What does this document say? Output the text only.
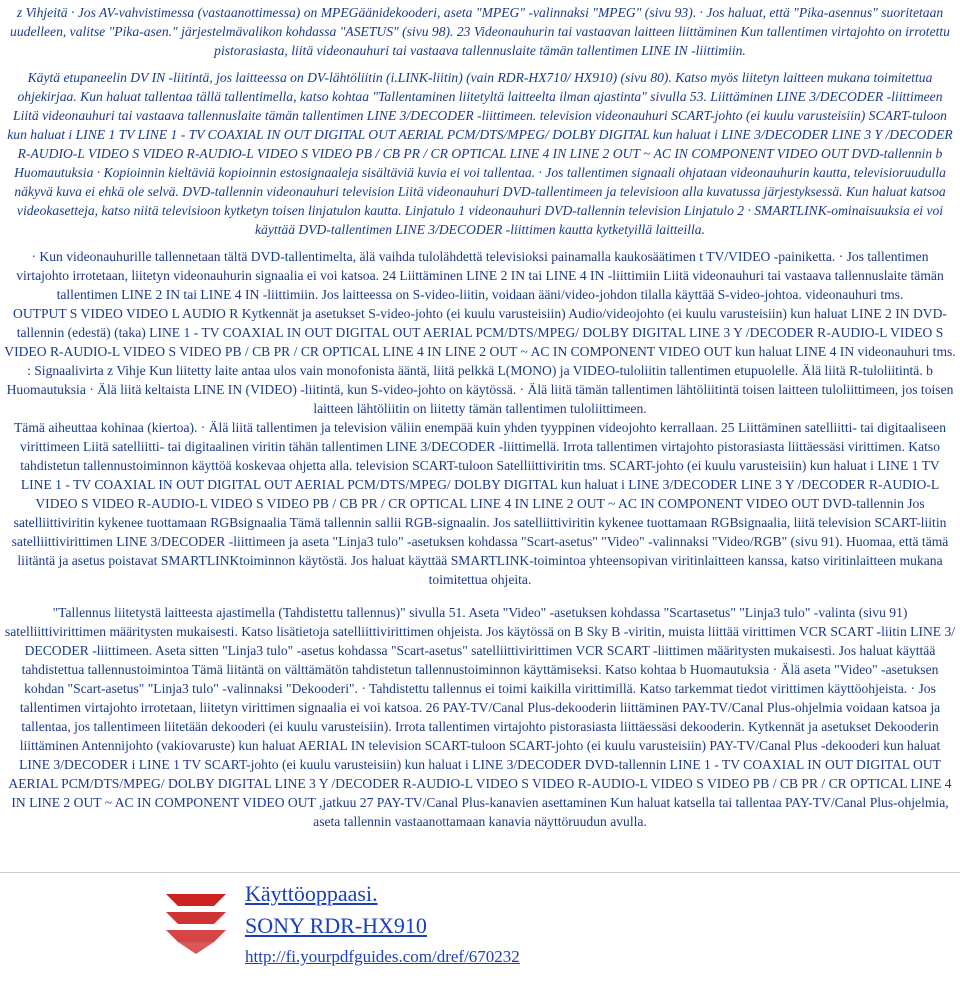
z Vihjeitä · Jos AV-vahvistimessa (vastaanottimessa) on MPEGäänidekooderi, aseta "MPEG" -valinnaksi "MPEG" (sivu 93). · Jos haluat, että "Pika-asennus" suoritetaan uudelleen, valitse "Pika-asen." järjestelmävalikon kohdassa "ASETUS" (sivu 98). 23 Videonauhurin tai vastaavan laitteen liittäminen Kun tallentimen virtajohto on irrotettu pistorasiasta, liitä videonauhuri tai vastaava tallennuslaite tämän tallentimen LINE IN -liittimiin.

Käytä etupaneelin DV IN -liitintä, jos laitteessa on DV-lähtöliitin (i.LINK-liitin) (vain RDR-HX710/ HX910) (sivu 80). Katso myös liitetyn laitteen mukana toimitettua ohjekirjaa. Kun haluat tallentaa tällä tallentimella, katso kohtaa "Tallentaminen liitetyltä laitteelta ilman ajastinta" sivulla 53. Liittäminen LINE 3/DECODER -liittimeen Liitä videonauhuri tai vastaava tallennuslaite tämän tallentimen LINE 3/DECODER -liittimeen. television videonauhuri SCART-johto (ei kuulu varusteisiin) SCART-tuloon kun haluat i LINE 1 TV LINE 1 - TV COAXIAL IN OUT DIGITAL OUT AERIAL PCM/DTS/MPEG/ DOLBY DIGITAL kun haluat i LINE 3/DECODER LINE 3 Y /DECODER R-AUDIO-L VIDEO S VIDEO R-AUDIO-L VIDEO S VIDEO PB / CB PR / CR OPTICAL LINE 4 IN LINE 2 OUT ~ AC IN COMPONENT VIDEO OUT DVD-tallennin b Huomautuksia · Kopioinnin kieltäviä kopioinnin estosignaaleja sisältäviä kuvia ei voi tallentaa. · Jos tallentimen signaali ohjataan videonauhurin kautta, televisioruudulla näkyvä kuva ei ehkä ole selvä. DVD-tallennin videonauhuri television Liitä videonauhuri DVD-tallentimeen ja televisioon alla kuvatussa järjestyksessä. Kun haluat katsoa videokasetteja, katso niitä televisioon kytketyn toisen linjatulon kautta. Linjatulo 1 videonauhuri DVD-tallennin television Linjatulo 2 · SMARTLINK-ominaisuuksia ei voi käyttää DVD-tallentimen LINE 3/DECODER -liittimen kautta kytketyillä laitteilla.

· Kun videonauhurille tallennetaan tältä DVD-tallentimelta, älä vaihda tulolähdettä televisioksi painamalla kaukosäätimen t TV/VIDEO -painiketta. · Jos tallentimen virtajohto irrotetaan, liitetyn videonauhurin signaalia ei voi katsoa. 24 Liittäminen LINE 2 IN tai LINE 4 IN -liittimiin Liitä videonauhuri tai vastaava tallennuslaite tämän tallentimen LINE 2 IN tai LINE 4 IN -liittimiin. Jos laitteessa on S-video-liitin, voidaan ääni/video-johdon tilalla käyttää S-video-johtoa. videonauhuri tms.

OUTPUT S VIDEO VIDEO L AUDIO R Kytkennät ja asetukset S-video-johto (ei kuulu varusteisiin) Audio/videojohto (ei kuulu varusteisiin) kun haluat LINE 2 IN DVD-tallennin (edestä) (taka) LINE 1 - TV COAXIAL IN OUT DIGITAL OUT AERIAL PCM/DTS/MPEG/ DOLBY DIGITAL LINE 3 Y /DECODER R-AUDIO-L VIDEO S VIDEO R-AUDIO-L VIDEO S VIDEO PB / CB PR / CR OPTICAL LINE 4 IN LINE 2 OUT ~ AC IN COMPONENT VIDEO OUT kun haluat LINE 4 IN videonauhuri tms. : Signaalivirta z Vihje Kun liitetty laite antaa ulos vain monofonista ääntä, liitä pelkkä L(MONO) ja VIDEO-tuloliitin tallentimen etupuolelle. Älä liitä R-tuloliitintä. b Huomautuksia · Älä liitä keltaista LINE IN (VIDEO) -liitintä, kun S-video-johto on käytössä. · Älä liitä tämän tallentimen lähtöliitintä toisen laitteen tuloliittimeen, jos toisen laitteen lähtöliitin on liitetty tämän tallentimen tuloliittimeen.

Tämä aiheuttaa kohinaa (kiertoa). · Älä liitä tallentimen ja television väliin enempää kuin yhden tyyppinen videojohto kerrallaan. 25 Liittäminen satelliitti- tai digitaaliseen virittimeen Liitä satelliitti- tai digitaalinen viritin tähän tallentimen LINE 3/DECODER -liittimellä. Irrota tallentimen virtajohto pistorasiasta liittäessäsi virittimen. Katso tahdistetun tallennustoiminnon käyttöä koskevaa ohjetta alla. television SCART-tuloon Satelliittiviritin tms. SCART-johto (ei kuulu varusteisiin) kun haluat i LINE 1 TV LINE 1 - TV COAXIAL IN OUT DIGITAL OUT AERIAL PCM/DTS/MPEG/ DOLBY DIGITAL kun haluat i LINE 3/DECODER LINE 3 Y /DECODER R-AUDIO-L VIDEO S VIDEO R-AUDIO-L VIDEO S VIDEO PB / CB PR / CR OPTICAL LINE 4 IN LINE 2 OUT ~ AC IN COMPONENT VIDEO OUT DVD-tallennin Jos satelliittiviritin kykenee tuottamaan RGBsignaalia Tämä tallennin sallii RGB-signaalin. Jos satelliittiviritin kykenee tuottamaan RGBsignaalia, liitä television SCART-liitin satelliittivirittimen LINE 3/DECODER -liittimeen ja aseta "Linja3 tulo" -asetuksen kohdassa "Scart-asetus" "Video" -valinnaksi "Video/RGB" (sivu 91). Huomaa, että tämä liitäntä ja asetus poistavat SMARTLINKtoiminnon käytöstä. Jos haluat käyttää SMARTLINK-toimintoa yhteensopivan viritinlaitteen kanssa, katso viritinlaitteen mukana toimitettua ohjeita.

"Tallennus liitetystä laitteesta ajastimella (Tahdistettu tallennus)" sivulla 51. Aseta "Video" -asetuksen kohdassa "Scartasetus" "Linja3 tulo" -valinta (sivu 91) satelliittivirittimen määritysten mukaisesti. Katso lisätietoja satelliittivirittimen ohjeista. Jos käytössä on B Sky B -viritin, muista liittää virittimen VCR SCART -liitin LINE 3/ DECODER -liittimeen. Aseta sitten "Linja3 tulo" -asetus kohdassa "Scart-asetus" satelliittivirittimen VCR SCART -liittimen määritysten mukaisesti. Jos haluat käyttää tahdistettua tallennustoimintoa Tämä liitäntä on välttämätön tahdistetun tallennustoiminnon käyttämiseksi. Katso kohtaa b Huomautuksia · Älä aseta "Video" -asetuksen kohdan "Scart-asetus" "Linja3 tulo" -valinnaksi "Dekooderi". · Tahdistettu tallennus ei toimi kaikilla virittimillä. Katso tarkemmat tiedot virittimen käyttöohjeista. · Jos tallentimen virtajohto irrotetaan, liitetyn virittimen signaalia ei voi katsoa. 26 PAY-TV/Canal Plus-dekooderin liittäminen PAY-TV/Canal Plus-ohjelmia voidaan katsoa ja tallentaa, jos tallentimeen liitetään dekooderi (ei kuulu varusteisiin). Irrota tallentimen virtajohto pistorasiasta liittäessäsi dekooderin. Kytkennät ja asetukset Dekooderin liittäminen Antennijohto (vakiovaruste) kun haluat AERIAL IN television SCART-tuloon SCART-johto (ei kuulu varusteisiin) PAY-TV/Canal Plus -dekooderi kun haluat LINE 3/DECODER i LINE 1 TV SCART-johto (ei kuulu varusteisiin) kun haluat i LINE 3/DECODER DVD-tallennin LINE 1 - TV COAXIAL IN OUT DIGITAL OUT AERIAL PCM/DTS/MPEG/ DOLBY DIGITAL LINE 3 Y /DECODER R-AUDIO-L VIDEO S VIDEO R-AUDIO-L VIDEO S VIDEO PB / CB PR / CR OPTICAL LINE 4 IN LINE 2 OUT ~ AC IN COMPONENT VIDEO OUT ,jatkuu 27 PAY-TV/Canal Plus-kanavien asettaminen Kun haluat katsella tai tallentaa PAY-TV/Canal Plus-ohjelmia, aseta tallennin vastaanottamaan kanavia näyttöruudun avulla.

Käyttöoppaasi.
SONY RDR-HX910
http://fi.yourpdfguides.com/dref/670232
